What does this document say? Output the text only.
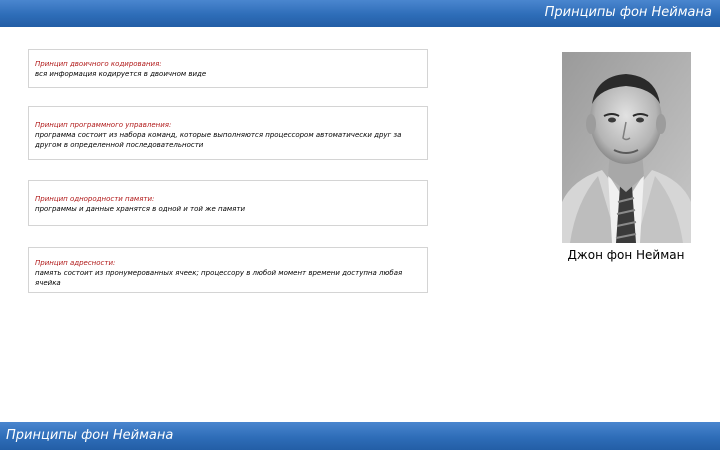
Принципы фон Неймана
Принцип двоичного кодирования:
вся информация кодируется в двоичном виде
Принцип программного управления:
программа состоит из набора команд, которые выполняются процессором автоматически друг за другом в определенной последовательности
Принцип однородности памяти:
программы и данные хранятся в одной и той же памяти
Принцип адресности:
память состоит из пронумерованных ячеек; процессору в любой момент времени доступна любая ячейка
Джон фон Нейман
Принципы фон Неймана
